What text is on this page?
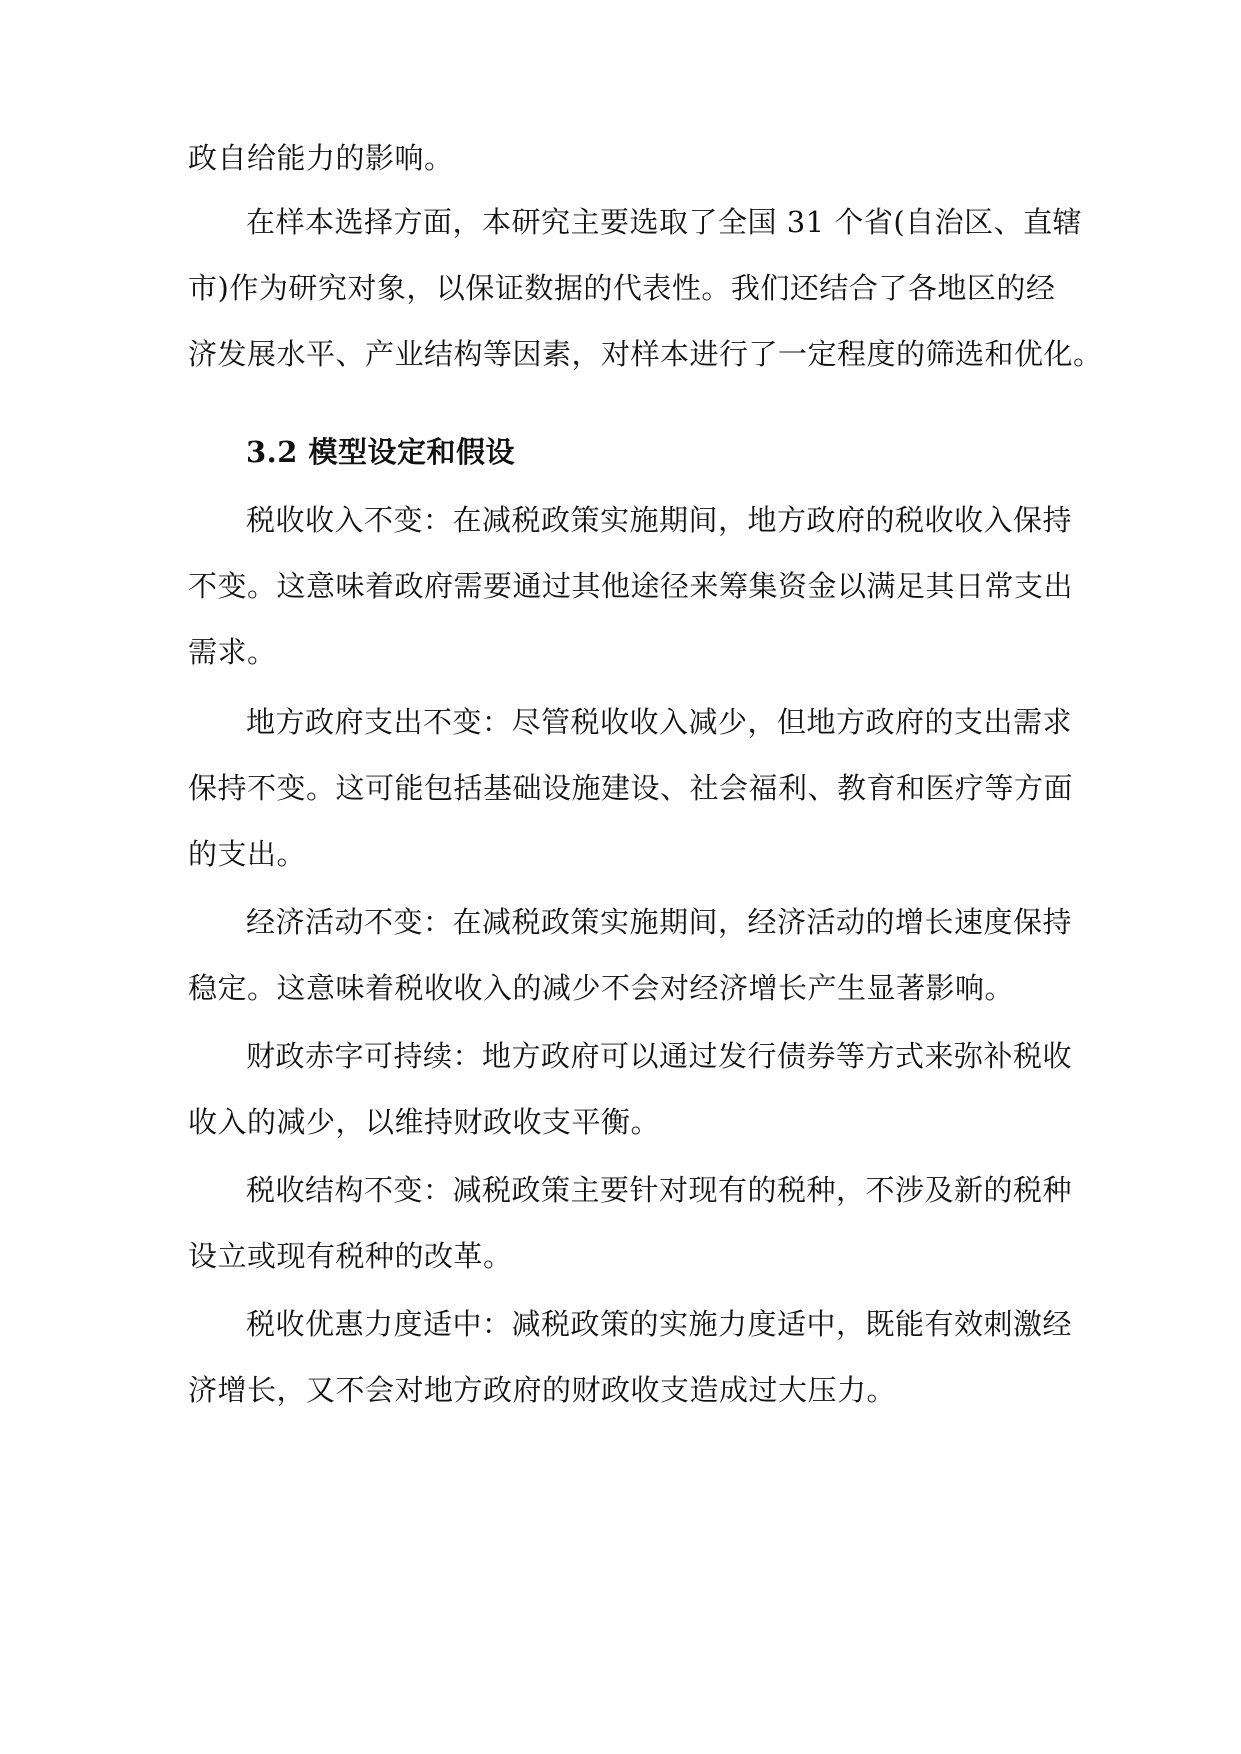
政自给能力的影响。
在样本选择方面，本研究主要选取了全国 31 个省(自治区、直辖
市)作为研究对象，以保证数据的代表性。我们还结合了各地区的经
济发展水平、产业结构等因素，对样本进行了一定程度的筛选和优化。
3.2 模型设定和假设
税收收入不变：在减税政策实施期间，地方政府的税收收入保持
不变。这意味着政府需要通过其他途径来筹集资金以满足其日常支出
需求。
地方政府支出不变：尽管税收收入减少，但地方政府的支出需求
保持不变。这可能包括基础设施建设、社会福利、教育和医疗等方面
的支出。
经济活动不变：在减税政策实施期间，经济活动的增长速度保持
稳定。这意味着税收收入的减少不会对经济增长产生显著影响。
财政赤字可持续：地方政府可以通过发行债券等方式来弥补税收
收入的减少，以维持财政收支平衡。
税收结构不变：减税政策主要针对现有的税种，不涉及新的税种
设立或现有税种的改革。
税收优惠力度适中：减税政策的实施力度适中，既能有效刺激经
济增长，又不会对地方政府的财政收支造成过大压力。
